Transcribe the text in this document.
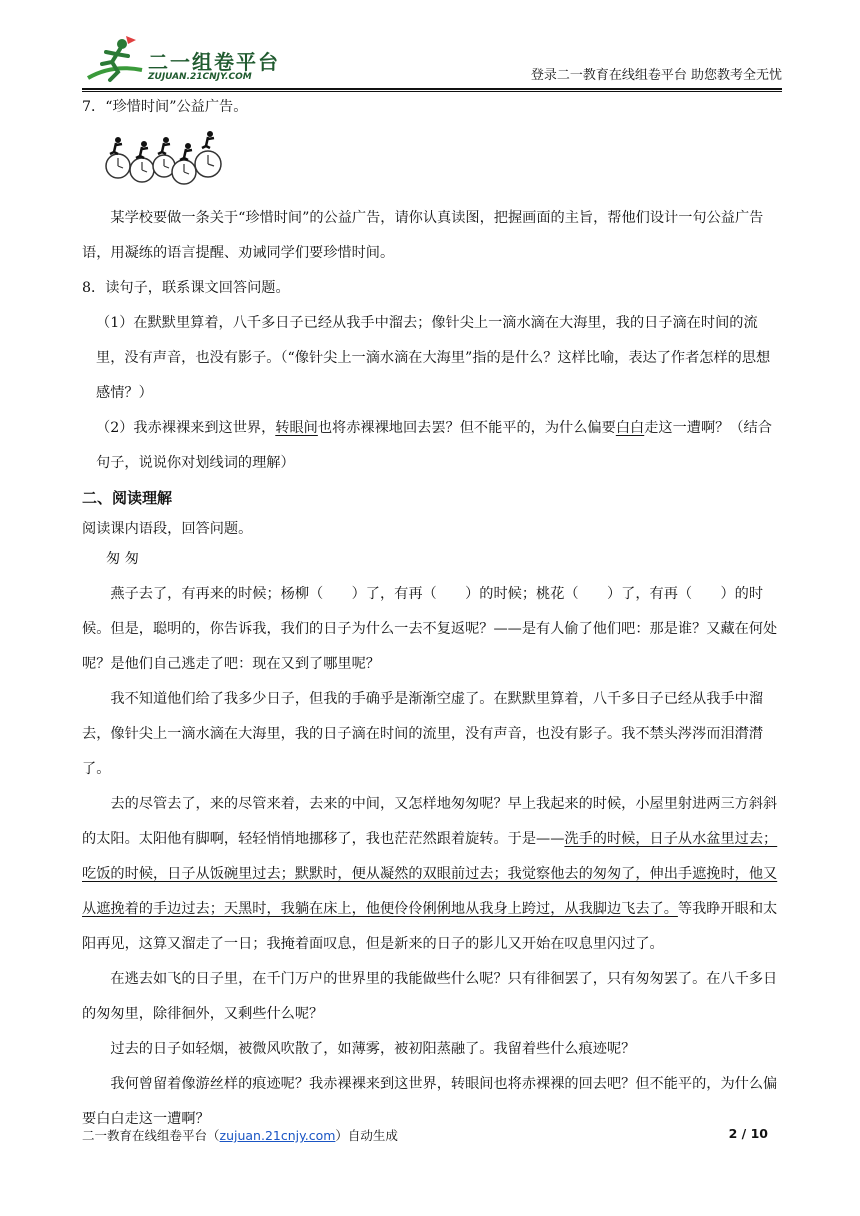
二一组卷平台
ZUJUAN.21CNJY.COM	登录二一教育在线组卷平台 助您教考全无忧

7．“珍惜时间”公益广告。

某学校要做一条关于“珍惜时间”的公益广告，请你认真读图，把握画面的主旨，帮他们设计一句公益广告语，用凝练的语言提醒、劝诫同学们要珍惜时间。

8．读句子，联系课文回答问题。

（1）在默默里算着，八千多日子已经从我手中溜去；像针尖上一滴水滴在大海里，我的日子滴在时间的流里，没有声音，也没有影子。（“像针尖上一滴水滴在大海里”指的是什么？这样比喻，表达了作者怎样的思想感情？）

（2）我赤裸裸来到这世界，转眼间也将赤裸裸地回去罢？但不能平的，为什么偏要白白走这一遭啊？（结合句子，说说你对划线词的理解）

二、阅读理解

阅读课内语段，回答问题。

匆 匆

燕子去了，有再来的时候；杨柳（　　）了，有再（　　）的时候；桃花（　　）了，有再（　　）的时候。但是，聪明的，你告诉我，我们的日子为什么一去不复返呢？——是有人偷了他们吧：那是谁？又藏在何处呢？是他们自己逃走了吧：现在又到了哪里呢？

我不知道他们给了我多少日子，但我的手确乎是渐渐空虚了。在默默里算着，八千多日子已经从我手中溜去，像针尖上一滴水滴在大海里，我的日子滴在时间的流里，没有声音，也没有影子。我不禁头涔涔而泪潸潸了。

去的尽管去了，来的尽管来着，去来的中间，又怎样地匆匆呢？早上我起来的时候，小屋里射进两三方斜斜的太阳。太阳他有脚啊，轻轻悄悄地挪移了，我也茫茫然跟着旋转。于是——洗手的时候，日子从水盆里过去；吃饭的时候，日子从饭碗里过去；默默时，便从凝然的双眼前过去；我觉察他去的匆匆了，伸出手遮挽时，他又从遮挽着的手边过去；天黑时，我躺在床上，他便伶伶俐俐地从我身上跨过，从我脚边飞去了。等我睁开眼和太阳再见，这算又溜走了一日；我掩着面叹息，但是新来的日子的影儿又开始在叹息里闪过了。

在逃去如飞的日子里，在千门万户的世界里的我能做些什么呢？只有徘徊罢了，只有匆匆罢了。在八千多日的匆匆里，除徘徊外，又剩些什么呢？

过去的日子如轻烟，被微风吹散了，如薄雾，被初阳蒸融了。我留着些什么痕迹呢？

我何曾留着像游丝样的痕迹呢？我赤裸裸来到这世界，转眼间也将赤裸裸的回去吧？但不能平的，为什么偏要白白走这一遭啊？

二一教育在线组卷平台（zujuan.21cnjy.com）自动生成	2 / 10
